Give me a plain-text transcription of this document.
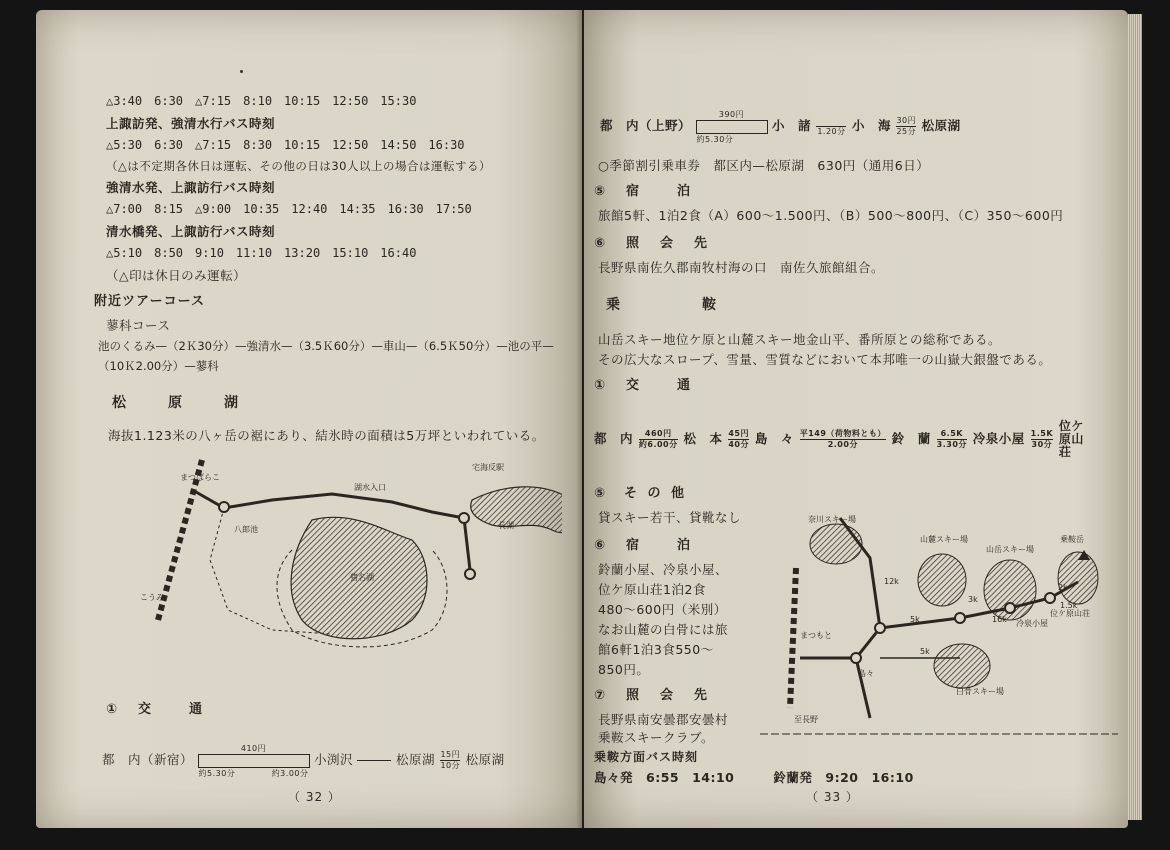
△3:40　6:30　△7:15　8:10　10:15　12:50　15:30
上諏訪発、強清水行バス時刻
△5:30　6:30　△7:15　8:30　10:15　12:50　14:50　16:30
（△は不定期各休日は運転、その他の日は30人以上の場合は運転する）
強清水発、上諏訪行バス時刻
△7:00　8:15　△9:00　10:35　12:40　14:35　16:30　17:50
清水橋発、上諏訪行バス時刻
△5:10　8:50　9:10　11:10　13:20　15:10　16:40
（△印は休日のみ運転）
附近ツアーコース
蓼科コース
池のくるみ—（2Ｋ30分）—強清水—（3.5Ｋ60分）—車山—（6.5Ｋ50分）—池の平—
（10Ｋ2.00分）—蓼科
松　原　湖
海抜1.123米の八ヶ岳の裾にあり、結氷時の面積は5万坪といわれている。
まつばらこ
こうみ
八郎池
湖水入口
宅海反駅
長湖
猪名湖
①　交　　通
都　内（新宿）
410円
約5.30分	約3.00分
小渕沢	松原湖 $\frac{\text{15円}}{\text{10分}}$ 松原湖
（ 32 ）
都　内（上野）
390円
約5.30分
小　諸
1.20分 小　海 $\frac{\text{30円}}{\text{25分}}$ 松原湖
○季節割引乗車券　都区内—松原湖　630円（通用6日）
⑤　宿　　泊
旅館5軒、1泊2食（A）600〜1.500円、（B）500〜800円、（C）350〜600円
⑥　照　会　先
長野県南佐久郡南牧村海の口　南佐久旅館組合。
乗　　　鞍
山岳スキー地位ケ原と山麓スキー地金山平、番所原との総称である。
その広大なスロープ、雪量、雪質などにおいて本邦唯一の山嶽大銀盤である。
①　交　　通
都　内 $\frac{\text{460円}}{\text{約6.00分}}$ 松　本 $\frac{\text{45円}}{\text{40分}}$ 島　々 $\frac{\text{平149（荷物料とも）}}{\text{2.00分}}$ 鈴　蘭 $\frac{6.5K}{\text{3.30分}}$ 冷泉小屋 $\frac{1.5K}{\text{30分}}$
位ケ原山荘
⑤　そ の 他
貸スキー若干、貸靴なし
⑥　宿　　泊
鈴蘭小屋、冷泉小屋、
位ケ原山荘1泊2食
480〜600円（米別）
なお山麓の白骨には旅
館6軒1泊3食550〜
850円。
⑦　照　会　先
長野県南安曇郡安曇村
乗鞍スキークラブ。
乗鞍方面バス時刻
島々発　6:55　14:10　　　鈴蘭発　9:20　16:10
奈川スキー場
山麓スキー場
山岳スキー場
乗鞍岳
白骨スキー場
まつもと
島々
冷泉小屋
位ケ原山荘
至長野
12k
5k
3k
16k
2k
1.5k
5k
（ 33 ）
